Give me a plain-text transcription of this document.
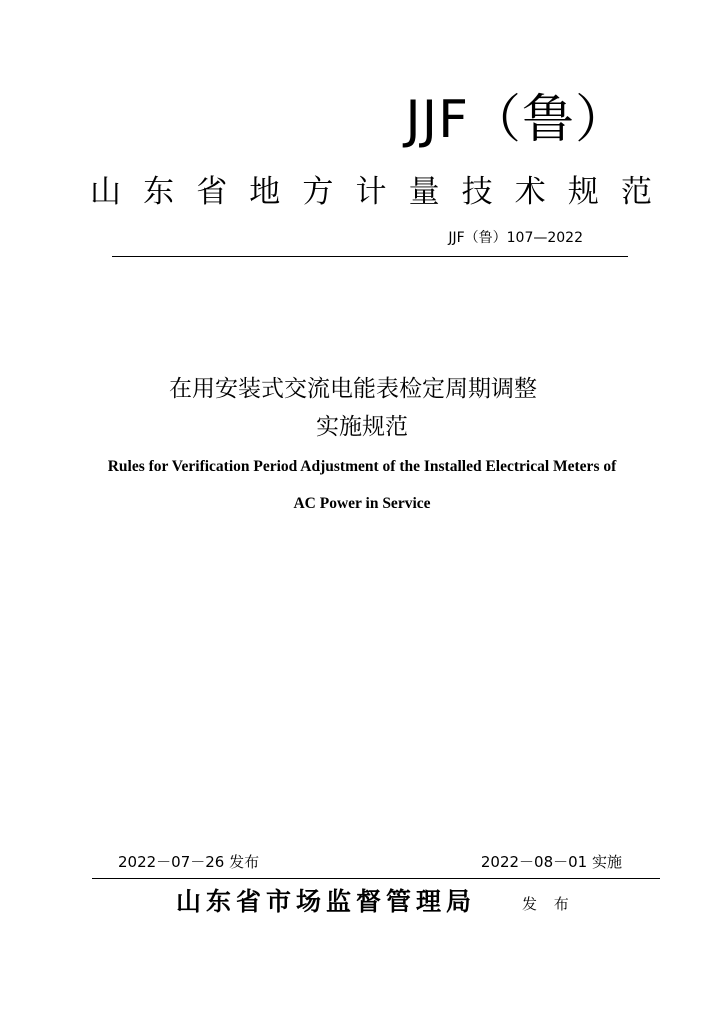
JJF（鲁）
山 东 省 地 方 计 量 技 术 规 范
JJF（鲁）107—2022
在用安装式交流电能表检定周期调整
实施规范
Rules for Verification Period Adjustment of the Installed Electrical Meters of
AC Power in Service
2022－07－26 发布	2022－08－01 实施
山东省市场监督管理局	发 布
